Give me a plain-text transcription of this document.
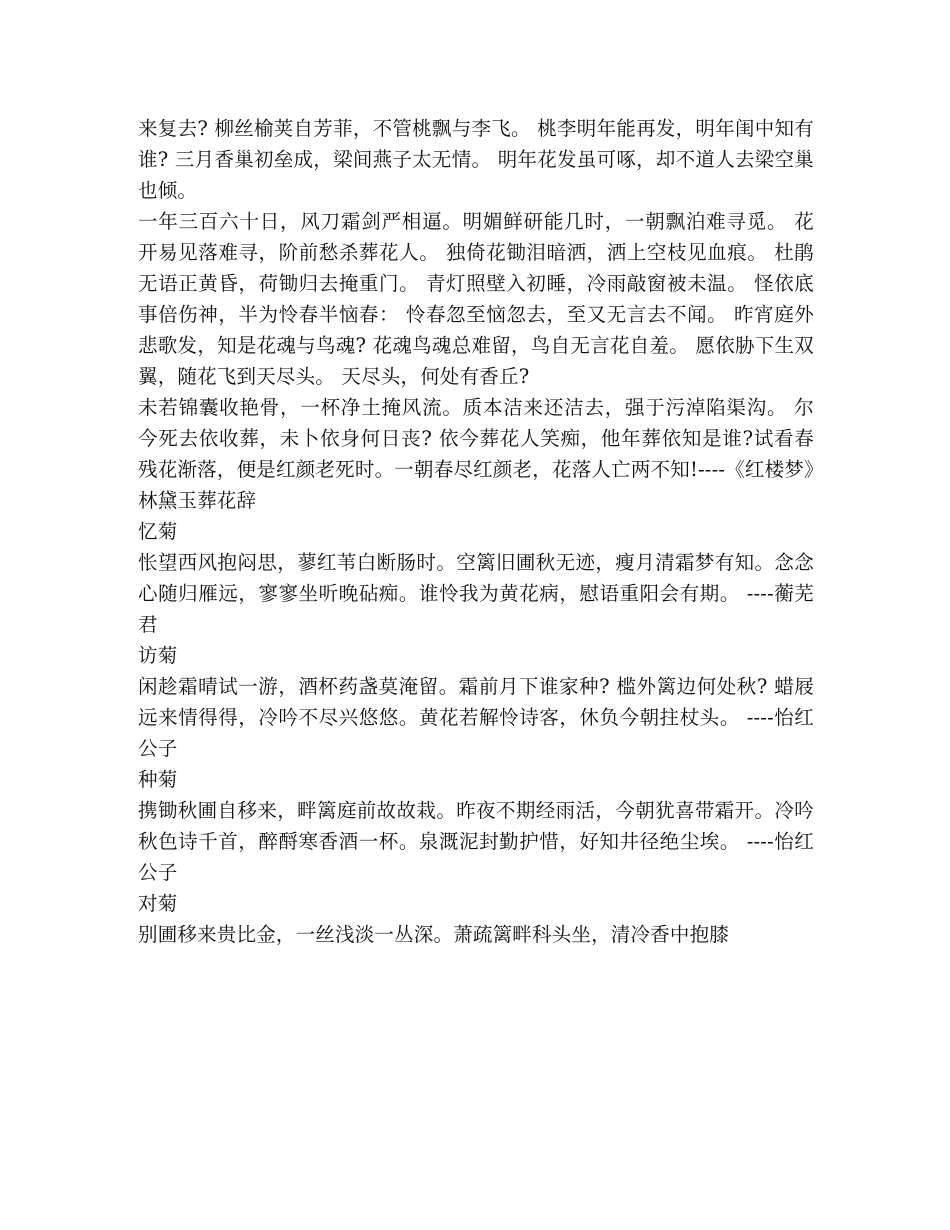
来复去? 柳丝榆荚自芳菲，不管桃飘与李飞。 桃李明年能再发，明年闺中知有谁? 三月香巢初垒成，梁间燕子太无情。 明年花发虽可啄，却不道人去梁空巢也倾。

一年三百六十日，风刀霜剑严相逼。明媚鲜研能几时，一朝飘泊难寻觅。 花开易见落难寻，阶前愁杀葬花人。 独倚花锄泪暗洒，洒上空枝见血痕。 杜鹃无语正黄昏，荷锄归去掩重门。 青灯照壁入初睡，冷雨敲窗被未温。 怪依底事倍伤神，半为怜春半恼春： 怜春忽至恼忽去，至又无言去不闻。 昨宵庭外悲歌发，知是花魂与鸟魂? 花魂鸟魂总难留，鸟自无言花自羞。 愿依胁下生双翼，随花飞到天尽头。 天尽头，何处有香丘?

未若锦囊收艳骨，一杯净土掩风流。质本洁来还洁去，强于污淖陷渠沟。 尔今死去依收葬，未卜依身何日丧? 依今葬花人笑痴，他年葬依知是谁?试看春残花渐落，便是红颜老死时。一朝春尽红颜老，花落人亡两不知!----《红楼梦》林黛玉葬花辞

忆菊

怅望西风抱闷思，蓼红苇白断肠时。空篱旧圃秋无迹，瘦月清霜梦有知。念念心随归雁远，寥寥坐听晚砧痴。谁怜我为黄花病，慰语重阳会有期。 ----蘅芜君

访菊

闲趁霜晴试一游，酒杯药盏莫淹留。霜前月下谁家种? 槛外篱边何处秋? 蜡屐远来情得得，冷吟不尽兴悠悠。黄花若解怜诗客，休负今朝拄杖头。 ----怡红公子

种菊

携锄秋圃自移来，畔篱庭前故故栽。昨夜不期经雨活，今朝犹喜带霜开。冷吟秋色诗千首，醉酹寒香酒一杯。泉溉泥封勤护惜，好知井径绝尘埃。 ----怡红公子

对菊

别圃移来贵比金，一丝浅淡一丛深。萧疏篱畔科头坐，清冷香中抱膝
